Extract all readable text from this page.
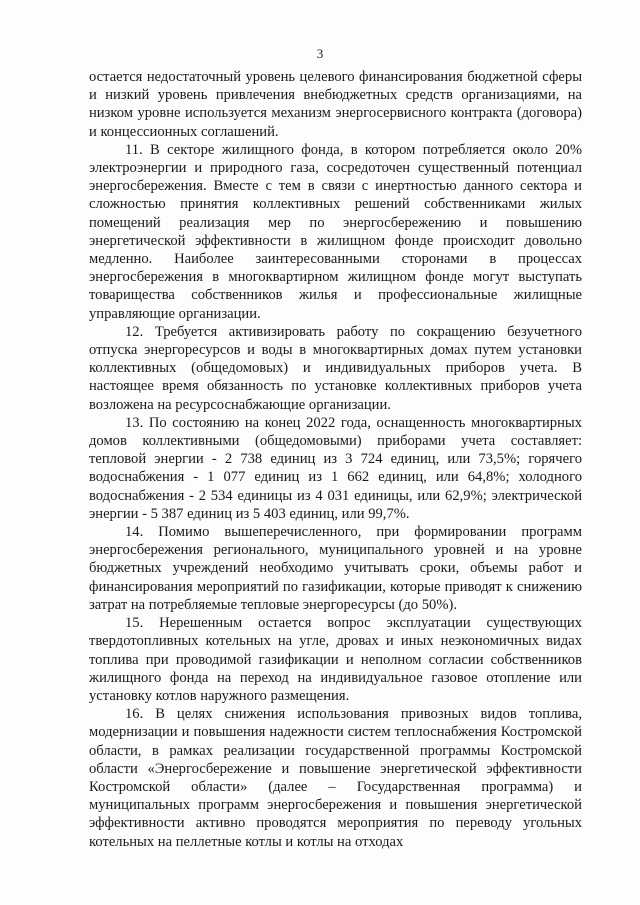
3

остается недостаточный уровень целевого финансирования бюджетной сферы и низкий уровень привлечения внебюджетных средств организациями, на низком уровне используется механизм энергосервисного контракта (договора) и концессионных соглашений.

11. В секторе жилищного фонда, в котором потребляется около 20% электроэнергии и природного газа, сосредоточен существенный потенциал энергосбережения. Вместе с тем в связи с инертностью данного сектора и сложностью принятия коллективных решений собственниками жилых помещений реализация мер по энергосбережению и повышению энергетической эффективности в жилищном фонде происходит довольно медленно. Наиболее заинтересованными сторонами в процессах энергосбережения в многоквартирном жилищном фонде могут выступать товарищества собственников жилья и профессиональные жилищные управляющие организации.

12. Требуется активизировать работу по сокращению безучетного отпуска энергоресурсов и воды в многоквартирных домах путем установки коллективных (общедомовых) и индивидуальных приборов учета. В настоящее время обязанность по установке коллективных приборов учета возложена на ресурсоснабжающие организации.

13. По состоянию на конец 2022 года, оснащенность многоквартирных домов коллективными (общедомовыми) приборами учета составляет: тепловой энергии - 2 738 единиц из 3 724 единиц, или 73,5%; горячего водоснабжения - 1 077 единиц из 1 662 единиц, или 64,8%; холодного водоснабжения - 2 534 единицы из 4 031 единицы, или 62,9%; электрической энергии - 5 387 единиц из 5 403 единиц, или 99,7%.

14. Помимо вышеперечисленного, при формировании программ энергосбережения регионального, муниципального уровней и на уровне бюджетных учреждений необходимо учитывать сроки, объемы работ и финансирования мероприятий по газификации, которые приводят к снижению затрат на потребляемые тепловые энергоресурсы (до 50%).

15. Нерешенным остается вопрос эксплуатации существующих твердотопливных котельных на угле, дровах и иных неэкономичных видах топлива при проводимой газификации и неполном согласии собственников жилищного фонда на переход на индивидуальное газовое отопление или установку котлов наружного размещения.

16. В целях снижения использования привозных видов топлива, модернизации и повышения надежности систем теплоснабжения Костромской области, в рамках реализации государственной программы Костромской области «Энергосбережение и повышение энергетической эффективности Костромской области» (далее – Государственная программа) и муниципальных программ энергосбережения и повышения энергетической эффективности активно проводятся мероприятия по переводу угольных котельных на пеллетные котлы и котлы на отходах
